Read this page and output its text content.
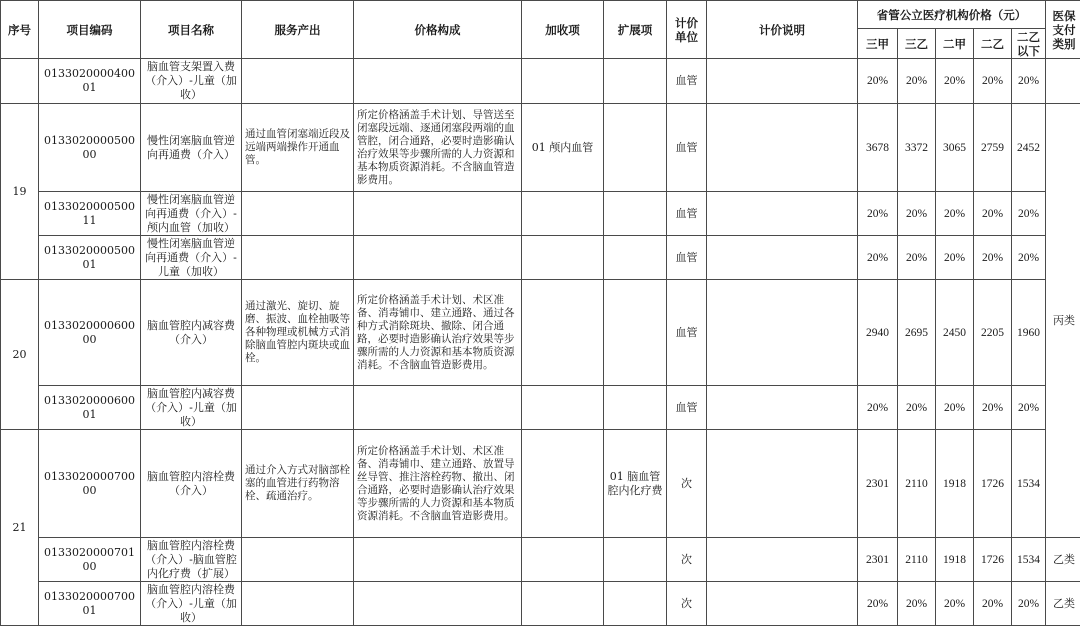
序号	项目编码	项目名称	服务产出	价格构成	加收项	扩展项	计价单位	计价说明	省管公立医疗机构价格（元）					医保支付类别	
									三甲	三乙	二甲	二乙	二乙以下		
	013302000040001	脑血管支架置入费（介入）-儿童（加收）					血管		20%	20%	20%	20%	20%		
19	013302000050000	慢性闭塞脑血管逆向再通费（介入）	通过血管闭塞端近段及远端两端操作开通血管。	所定价格涵盖手术计划、导管送至闭塞段远端、逐通闭塞段两端的血管腔，闭合通路，必要时造影确认治疗效果等步骤所需的人力资源和基本物质资源消耗。不含脑血管造影费用。	01 颅内血管		血管		3678	3372	3065	2759	2452	丙类	
	013302000050011	慢性闭塞脑血管逆向再通费（介入）-颅内血管（加收）					血管		20%	20%	20%	20%	20%		
	013302000050001	慢性闭塞脑血管逆向再通费（介入）-儿童（加收）					血管		20%	20%	20%	20%	20%		
20	013302000060000	脑血管腔内减容费（介入）	通过激光、旋切、旋磨、振波、血栓抽吸等各种物理或机械方式消除脑血管腔内斑块或血栓。	所定价格涵盖手术计划、术区准备、消毒铺巾、建立通路、通过各种方式消除斑块、撤除、闭合通路，必要时造影确认治疗效果等步骤所需的人力资源和基本物质资源消耗。不含脑血管造影费用。			血管		2940	2695	2450	2205	1960		
	013302000060001	脑血管腔内减容费（介入）-儿童（加收）					血管		20%	20%	20%	20%	20%		
21	013302000070000	脑血管腔内溶栓费（介入）	通过介入方式对脑部栓塞的血管进行药物溶栓、疏通治疗。	所定价格涵盖手术计划、术区准备、消毒铺巾、建立通路、放置导丝导管、推注溶栓药物、撤出、闭合通路，必要时造影确认治疗效果等步骤所需的人力资源和基本物质资源消耗。不含脑血管造影费用。		01 脑血管腔内化疗费	次		2301	2110	1918	1726	1534	
	013302000070100	脑血管腔内溶栓费（介入）-脑血管腔内化疗费（扩展）					次		2301	2110	1918	1726	1534	乙类	
	013302000070001	脑血管腔内溶栓费（介入）-儿童（加收）					次		20%	20%	20%	20%	20%	乙类	
